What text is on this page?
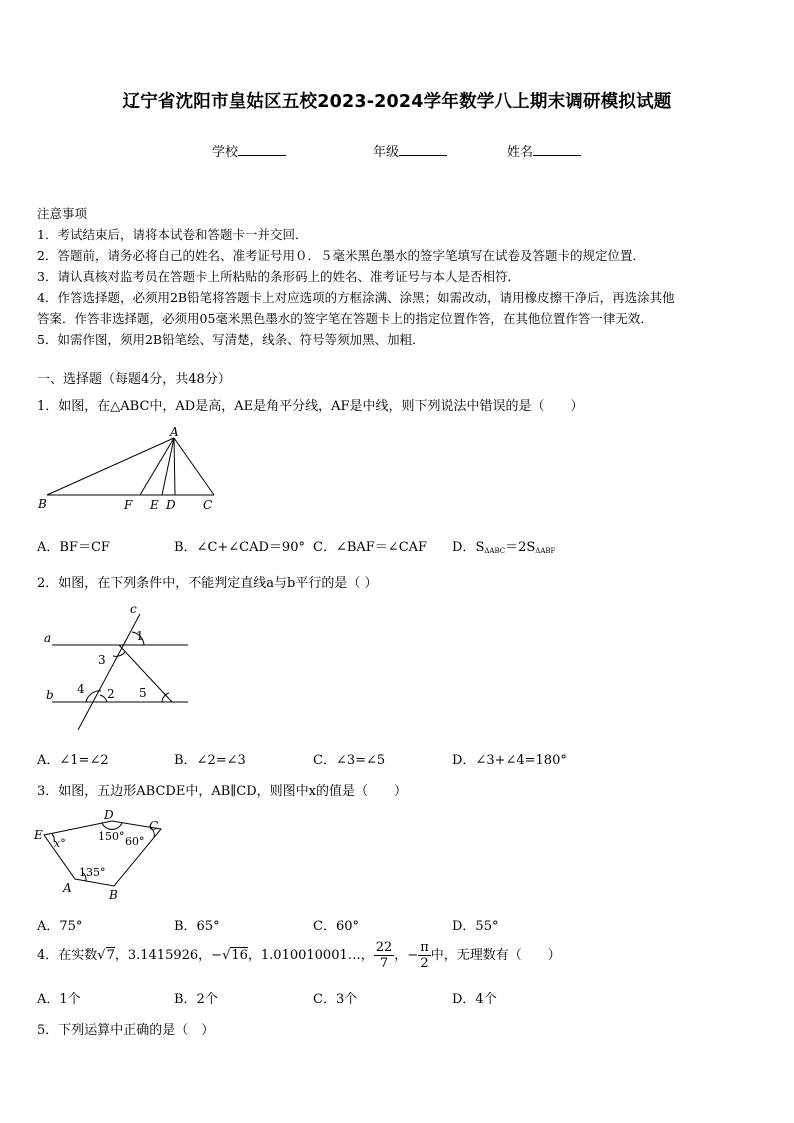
辽宁省沈阳市皇姑区五校2023-2024学年数学八上期末调研模拟试题
学校	年级	姓名
注意事项
1．考试结束后，请将本试卷和答题卡一并交回．
2．答题前，请务必将自己的姓名、准考证号用０．５毫米黑色墨水的签字笔填写在试卷及答题卡的规定位置．
3．请认真核对监考员在答题卡上所粘贴的条形码上的姓名、准考证号与本人是否相符．
4．作答选择题，必须用2B铅笔将答题卡上对应选项的方框涂满、涂黑；如需改动，请用橡皮擦干净后，再选涂其他
答案．作答非选择题，必须用05毫米黑色墨水的签字笔在答题卡上的指定位置作答，在其他位置作答一律无效．
5．如需作图，须用2B铅笔绘、写清楚，线条、符号等须加黑、加粗．
一、选择题（每题4分，共48分）
1．如图，在△ABC中，AD是高，AE是角平分线，AF是中线，则下列说法中错误的是（　　）
A
B	F E D C
A．BF＝CF	B．∠C+∠CAD＝90° C．∠BAF＝∠CAF D．$S_{\Delta ABC}=2S_{\Delta ABF}$
2．如图，在下列条件中，不能判定直线a与b平行的是（ ）
c
a
b
1
3
4 2 5
A．∠1=∠2	B．∠2=∠3	C．∠3=∠5	D．∠3+∠4=180°
3．如图，五边形ABCDE中，AB∥CD，则图中x的值是（　　）
E
D
C
A	B
x°
150° 60°
135°
A．75°	B．65°	C．60°	D．55°
4．在实数√7，3.1415926，−√16，1.010010001…， $\frac{22}{7}$ ，− $\frac{\pi}{2}$ 中，无理数有（　　）
A．1个	B．2个	C．3个	D．4个
5．下列运算中正确的是（　）
